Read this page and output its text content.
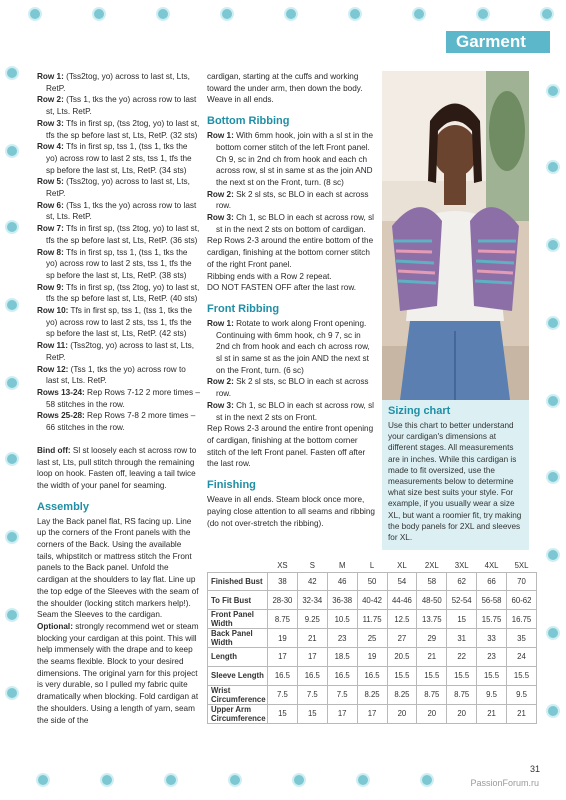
Garment

Row 1: (Tss2tog, yo) across to last st, Lts, RetP.

Row 2: (Tss 1, tks the yo) across row to last st, Lts. RetP.

Row 3: Tfs in first sp, (tss 2tog, yo) to last st, tfs the sp before last st, Lts, RetP. (32 sts)

Row 4: Tfs in first sp, tss 1, (tss 1, tks the yo) across row to last 2 sts, tss 1, tfs the sp before the last st, Lts, RetP. (34 sts)

Row 5: (Tss2tog, yo) across to last st, Lts, RetP.

Row 6: (Tss 1, tks the yo) across row to last st, Lts. RetP.

Row 7: Tfs in first sp, (tss 2tog, yo) to last st, tfs the sp before last st, Lts, RetP. (36 sts)

Row 8: Tfs in first sp, tss 1, (tss 1, tks the yo) across row to last 2 sts, tss 1, tfs the sp before the last st, Lts, RetP. (38 sts)

Row 9: Tfs in first sp, (tss 2tog, yo) to last st, tfs the sp before last st, Lts, RetP. (40 sts)

Row 10: Tfs in first sp, tss 1, (tss 1, tks the yo) across row to last 2 sts, tss 1, tfs the sp before the last st, Lts, RetP. (42 sts)

Row 11: (Tss2tog, yo) across to last st, Lts, RetP.

Row 12: (Tss 1, tks the yo) across row to last st, Lts. RetP.

Rows 13-24: Rep Rows 7-12 2 more times – 58 stitches in the row.

Rows 25-28: Rep Rows 7-8 2 more times – 66 stitches in the row.

Bind off: Sl st loosely each st across row to last st, Lts, pull stitch through the remaining loop on hook. Fasten off, leaving a tail twice the width of your panel for seaming.

Assembly

Lay the Back panel flat, RS facing up. Line up the corners of the Front panels with the corners of the Back. Using the available tails, whipstitch or mattress stitch the Front panels to the Back panel. Unfold the cardigan at the shoulders to lay flat. Line up the top edge of the Sleeves with the seam of the shoulder (locking stitch markers help!). Seam the Sleeves to the cardigan.

Optional: strongly recommend wet or steam blocking your cardigan at this point. This will help immensely with the drape and to keep the seams flexible. Block to your desired dimensions. The original yarn for this project is very durable, so I pulled my fabric quite dramatically when blocking. Fold cardigan at the shoulders. Using a length of yarn, seam the side of the

cardigan, starting at the cuffs and working toward the under arm, then down the body. Weave in all ends.

Bottom Ribbing

Row 1: With 6mm hook, join with a sl st in the bottom corner stitch of the left Front panel. Ch 9, sc in 2nd ch from hook and each ch across row, sl st in same st as the join AND the next st on the Front, turn. (8 sc)

Row 2: Sk 2 sl sts, sc BLO in each st across row.

Row 3: Ch 1, sc BLO in each st across row, sl st in the next 2 sts on bottom of cardigan.

Rep Rows 2-3 around the entire bottom of the cardigan, finishing at the bottom corner stitch of the right Front panel.

Ribbing ends with a Row 2 repeat.

DO NOT FASTEN OFF after the last row.

Front Ribbing

Row 1: Rotate to work along Front opening. Continuing with 6mm hook, ch 9 7, sc in 2nd ch from hook and each ch across row, sl st in same st as the join AND the next st on the Front, turn. (6 sc)

Row 2: Sk 2 sl sts, sc BLO in each st across row.

Row 3: Ch 1, sc BLO in each st across row, sl st in the next 2 sts on Front.

Rep Rows 2-3 around the entire front opening of cardigan, finishing at the bottom corner stitch of the left Front panel. Fasten off after the last row.

Finishing

Weave in all ends. Steam block once more, paying close attention to all seams and ribbing (do not over-stretch the ribbing).

Sizing chart
Use this chart to better understand your cardigan's dimensions at different stages. All measurements are in inches. While this cardigan is made to fit oversized, use the measurements below to determine what size best suits your style. For example, if you usually wear a size XL, but want a roomier fit, try making the body panels for 2XL and sleeves for XL.
	XS	S	M	L	XL	2XL	3XL	4XL	5XL
Finished Bust	38	42	46	50	54	58	62	66	70
To Fit Bust	28-30	32-34	36-38	40-42	44-46	48-50	52-54	56-58	60-62
Front Panel Width	8.75	9.25	10.5	11.75	12.5	13.75	15	15.75	16.75
Back Panel Width	19	21	23	25	27	29	31	33	35
Length	17	17	18.5	19	20.5	21	22	23	24
Sleeve Length	16.5	16.5	16.5	16.5	15.5	15.5	15.5	15.5	15.5
Wrist Circumference	7.5	7.5	7.5	8.25	8.25	8.75	8.75	9.5	9.5
Upper Arm Circumference	15	15	17	17	20	20	20	21	21
31
PassionForum.ru
